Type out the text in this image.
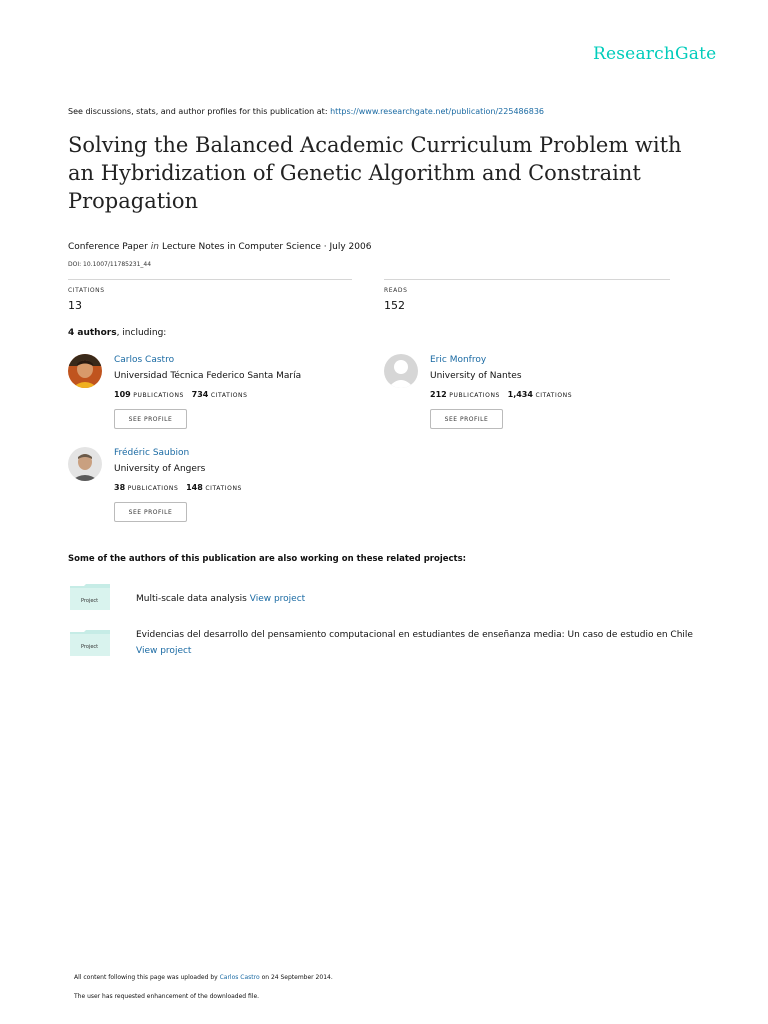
ResearchGate
See discussions, stats, and author profiles for this publication at: https://www.researchgate.net/publication/225486836
Solving the Balanced Academic Curriculum Problem with an Hybridization of Genetic Algorithm and Constraint Propagation
Conference Paper in Lecture Notes in Computer Science · July 2006
DOI: 10.1007/11785231_44
CITATIONS
13
READS
152
4 authors, including:
Carlos Castro
Universidad Técnica Federico Santa María
109 PUBLICATIONS 734 CITATIONS
SEE PROFILE
Eric Monfroy
University of Nantes
212 PUBLICATIONS 1,434 CITATIONS
SEE PROFILE
Frédéric Saubion
University of Angers
38 PUBLICATIONS 148 CITATIONS
SEE PROFILE
Some of the authors of this publication are also working on these related projects:
Project	Multi-scale data analysis View project
Project
Evidencias del desarrollo del pensamiento computacional en estudiantes de enseñanza media: Un caso de estudio en Chile View project
All content following this page was uploaded by Carlos Castro on 24 September 2014.
The user has requested enhancement of the downloaded file.
